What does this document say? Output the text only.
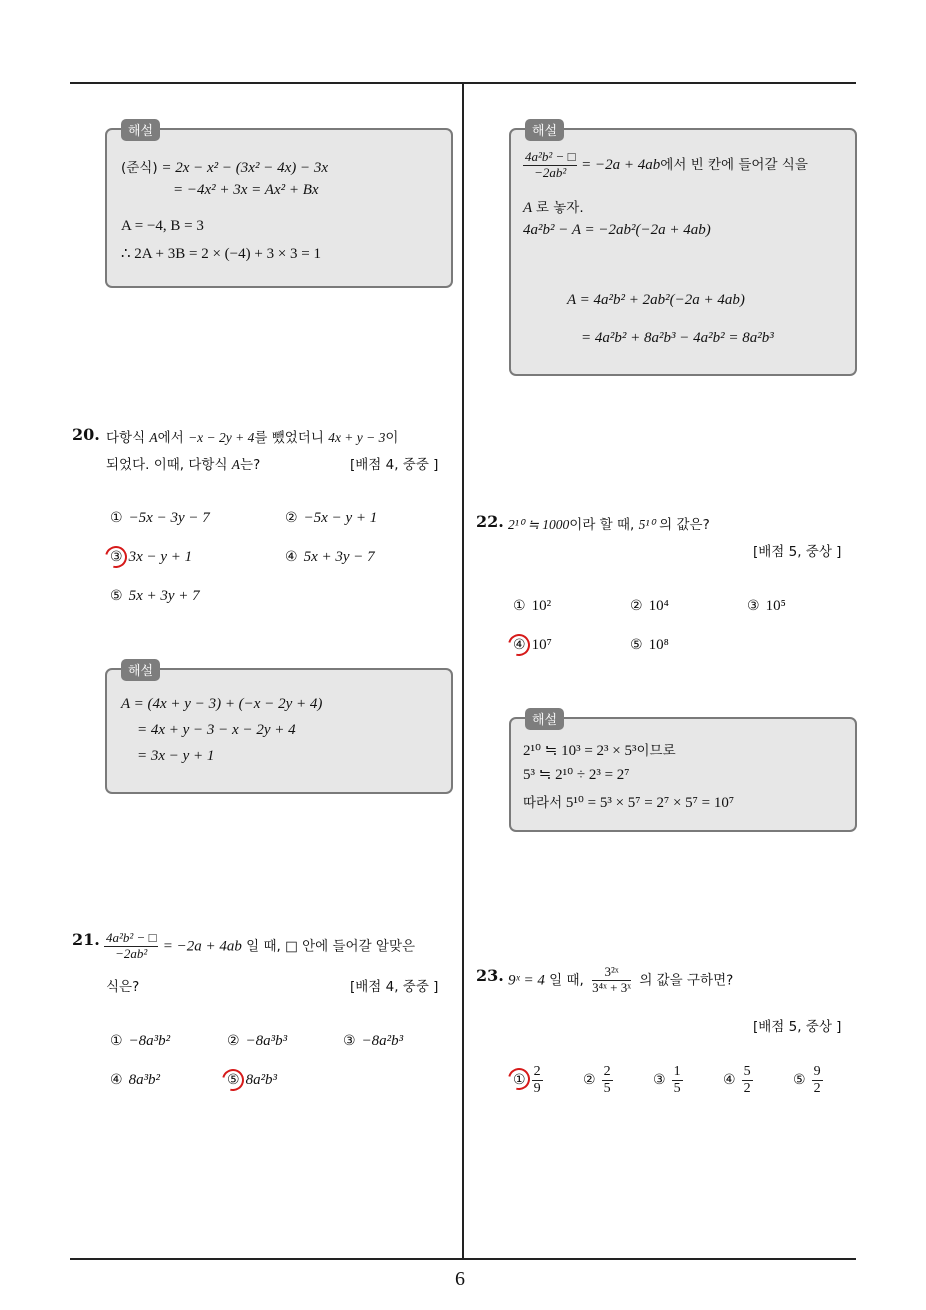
6
해설
(준식) = 2x − x² − (3x² − 4x) − 3x
= −4x² + 3x = Ax² + Bx
A = −4, B = 3
∴ 2A + 3B = 2 × (−4) + 3 × 3 = 1
20. 다항식 A에서 −x − 2y + 4를 뺐었더니 4x + y − 3이
되었다. 이때, 다항식 A는?	[배점 4, 중중 ]
① −5x − 3y − 7	② −5x − y + 1
③ 3x − y + 1	④ 5x + 3y − 7
⑤ 5x + 3y + 7
해설
A = (4x + y − 3) + (−x − 2y + 4)
= 4x + y − 3 − x − 2y + 4
= 3x − y + 1
21. $\frac{\text{4a²b² − □}}{\text{−2ab²}} = -2a + 4ab$ 일 때, □ 안에 들어갈 알맞은
식은?	[배점 4, 중중 ]
① −8a³b²	② −8a³b³	③ −8a²b³
④ 8a³b²	⑤ 8a²b³
해설
$\frac{\text{4a²b² − □}}{\text{−2ab²}} = -2a + 4ab$에서 빈 칸에 들어갈 식을
A 로 놓자.
4a²b² − A = −2ab²(−2a + 4ab)
A = 4a²b² + 2ab²(−2a + 4ab)
= 4a²b² + 8a²b³ − 4a²b² = 8a²b³
22. 2¹⁰ ≒ 1000이라 할 때, 5¹⁰ 의 값은?
[배점 5, 중상 ]
① 10²	② 10⁴	③ 10⁵
④ 10⁷	⑤ 10⁸
해설
2¹⁰ ≒ 10³ = 2³ × 5³이므로
5³ ≒ 2¹⁰ ÷ 2³ = 2⁷
따라서 5¹⁰ = 5³ × 5⁷ = 2⁷ × 5⁷ = 10⁷
23. 9ˣ = 4 일 때, $\frac{\text{3²ˣ}}{\text{3⁴ˣ + 3ˣ}}$ 의 값을 구하면?
[배점 5, 중상 ]
① $\frac{2}{9}$	② $\frac{2}{5}$	③ $\frac{1}{5}$	④ $\frac{5}{2}$	⑤ $\frac{9}{2}$
